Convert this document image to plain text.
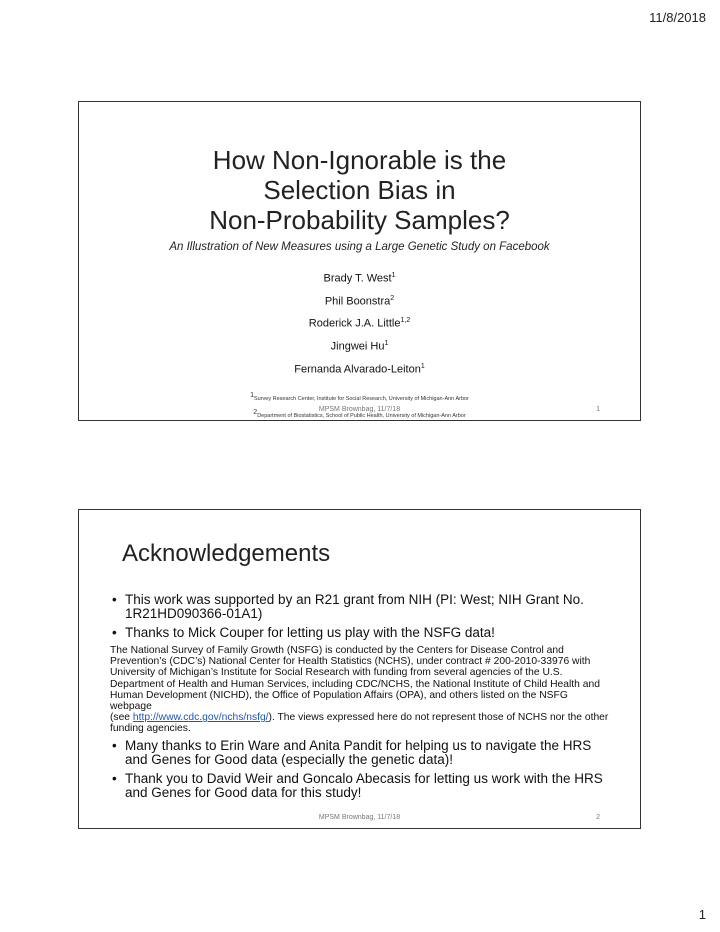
11/8/2018
How Non-Ignorable is the
Selection Bias in
Non-Probability Samples?
An Illustration of New Measures using a Large Genetic Study on Facebook
Brady T. West$^1$
Phil Boonstra$^2$
Roderick J.A. Little$^{1,2}$
Jingwei Hu$^1$
Fernanda Alvarado-Leiton$^1$
$^1$Survey Research Center, Institute for Social Research, University of Michigan-Ann Arbor
$^2$Department of Biostatistics, School of Public Health, University of Michigan-Ann Arbor
MPSM Brownbag, 11/7/18	1
Acknowledgements
• This work was supported by an R21 grant from NIH (PI: West; NIH Grant No. 1R21HD090366-01A1)
• Thanks to Mick Couper for letting us play with the NSFG data!
The National Survey of Family Growth (NSFG) is conducted by the Centers for Disease Control and Prevention’s (CDC’s) National Center for Health Statistics (NCHS), under contract # 200-2010-33976 with University of Michigan’s Institute for Social Research with funding from several agencies of the U.S. Department of Health and Human Services, including CDC/NCHS, the National Institute of Child Health and Human Development (NICHD), the Office of Population Affairs (OPA), and others listed on the NSFG webpage
(see http://www.cdc.gov/nchs/nsfg/). The views expressed here do not represent those of NCHS nor the other funding agencies.
• Many thanks to Erin Ware and Anita Pandit for helping us to navigate the HRS and Genes for Good data (especially the genetic data)!
• Thank you to David Weir and Goncalo Abecasis for letting us work with the HRS and Genes for Good data for this study!
MPSM Brownbag, 11/7/18	2
1
